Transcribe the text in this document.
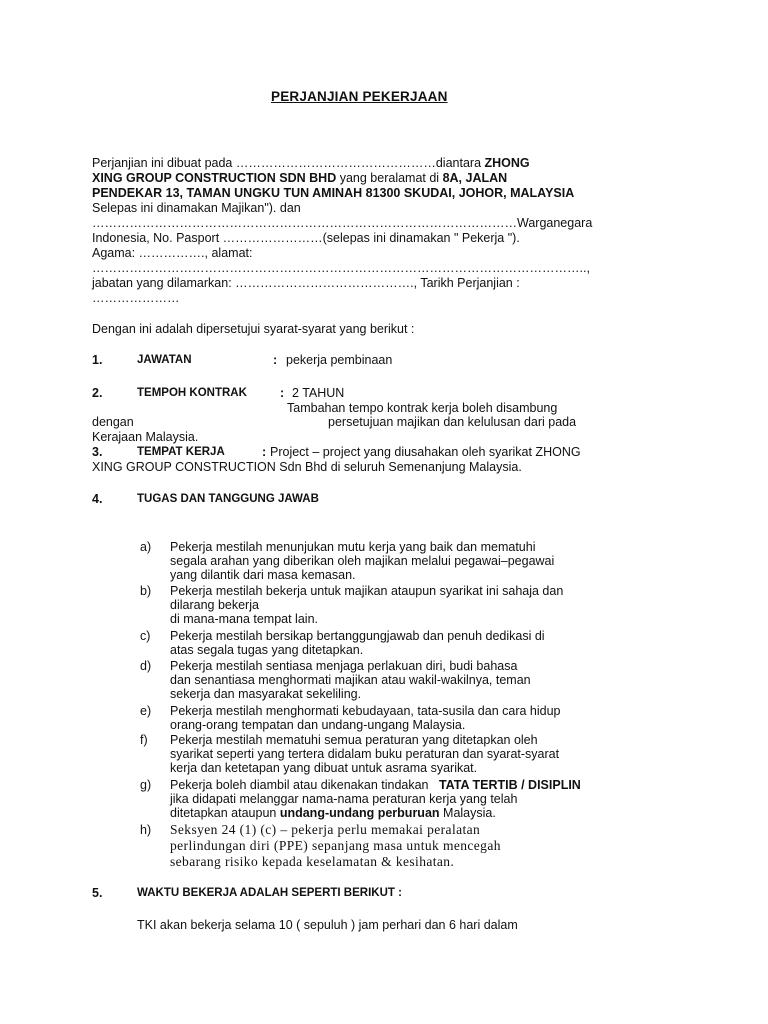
PERJANJIAN PEKERJAAN
Perjanjian ini dibuat pada …………………………………………diantara ZHONG
XING GROUP CONSTRUCTION SDN BHD yang beralamat di 8A, JALAN
PENDEKAR 13, TAMAN UNGKU TUN AMINAH 81300 SKUDAI, JOHOR, MALAYSIA
Selepas ini dinamakan Majikan"). dan
…………………………………………………………………………………………Warganegara
Indonesia, No. Pasport ……………………(selepas ini dinamakan " Pekerja ").
Agama: ……………., alamat:
………………………………………………………………………………………………………..,
jabatan yang dilamarkan: ……………………………………., Tarikh Perjanjian :
…………………
Dengan ini adalah dipersetujui syarat-syarat yang berikut :
1.	JAWATAN	: pekerja pembinaan
2.	TEMPOH KONTRAK	: 2 TAHUN
Tambahan tempo kontrak kerja boleh disambung
dengan	persetujuan majikan dan kelulusan dari pada
Kerajaan Malaysia.
3.	TEMPAT KERJA	: Project – project yang diusahakan oleh syarikat ZHONG
XING GROUP CONSTRUCTION Sdn Bhd di seluruh Semenanjung Malaysia.
4.	TUGAS DAN TANGGUNG JAWAB
a) Pekerja mestilah menunjukan mutu kerja yang baik dan mematuhi
segala arahan yang diberikan oleh majikan melalui pegawai–pegawai
yang dilantik dari masa kemasan.
b) Pekerja mestilah bekerja untuk majikan ataupun syarikat ini sahaja dan
dilarang bekerja
di mana-mana tempat lain.
c) Pekerja mestilah bersikap bertanggungjawab dan penuh dedikasi di
atas segala tugas yang ditetapkan.
d) Pekerja mestilah sentiasa menjaga perlakuan diri, budi bahasa
dan senantiasa menghormati majikan atau wakil-wakilnya, teman
sekerja dan masyarakat sekeliling.
e) Pekerja mestilah menghormati kebudayaan, tata-susila dan cara hidup
orang-orang tempatan dan undang-ungang Malaysia.
f) Pekerja mestilah mematuhi semua peraturan yang ditetapkan oleh
syarikat seperti yang tertera didalam buku peraturan dan syarat-syarat
kerja dan ketetapan yang dibuat untuk asrama syarikat.
g) Pekerja boleh diambil atau dikenakan tindakan TATA TERTIB / DISIPLIN
jika didapati melanggar nama-nama peraturan kerja yang telah
ditetapkan ataupun undang-undang perburuan Malaysia.
h) Seksyen 24 (1) (c) – pekerja perlu memakai peralatan
perlindungan diri (PPE) sepanjang masa untuk mencegah
sebarang risiko kepada keselamatan & kesihatan.
5.	WAKTU BEKERJA ADALAH SEPERTI BERIKUT :
TKI akan bekerja selama 10 ( sepuluh ) jam perhari dan 6 hari dalam
